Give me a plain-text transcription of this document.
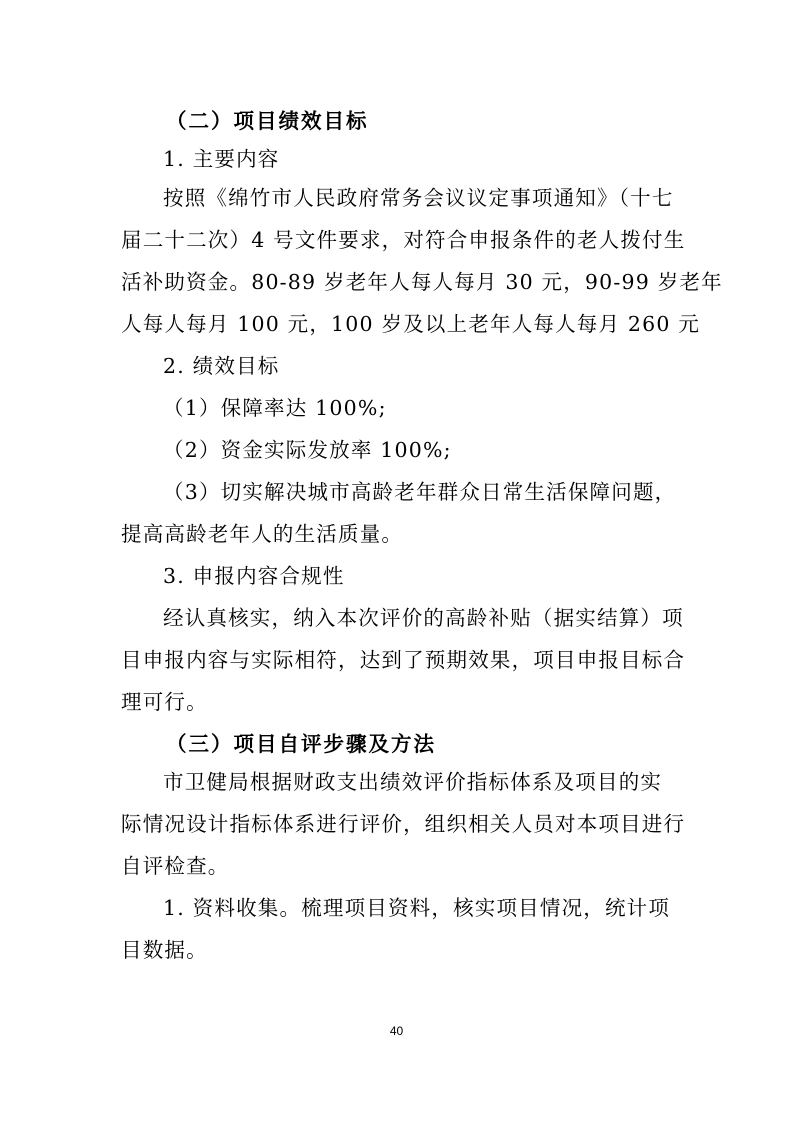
（二）项目绩效目标
1. 主要内容
按照《绵竹市人民政府常务会议议定事项通知》（十七
届二十二次）4 号文件要求，对符合申报条件的老人拨付生
活补助资金。80-89 岁老年人每人每月 30 元，90-99 岁老年
人每人每月 100 元，100 岁及以上老年人每人每月 260 元
2. 绩效目标
（1）保障率达 100%;
（2）资金实际发放率 100%;
（3）切实解决城市高龄老年群众日常生活保障问题，
提高高龄老年人的生活质量。
3. 申报内容合规性
经认真核实，纳入本次评价的高龄补贴（据实结算）项
目申报内容与实际相符，达到了预期效果，项目申报目标合
理可行。
（三）项目自评步骤及方法
市卫健局根据财政支出绩效评价指标体系及项目的实
际情况设计指标体系进行评价，组织相关人员对本项目进行
自评检查。
1. 资料收集。梳理项目资料，核实项目情况，统计项
目数据。
40
